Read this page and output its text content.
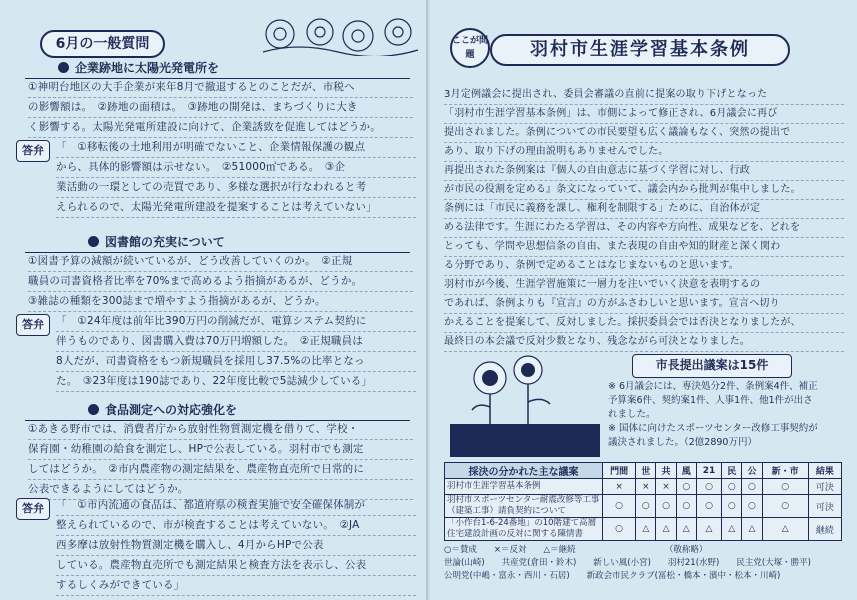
6月の一般質問
企業跡地に太陽光発電所を
①神明台地区の大手企業が来年8月で撤退するとのことだが、市税へ
の影響額は。　②跡地の面積は。　③跡地の開発は、まちづくりに大き
く影響する。太陽光発電所建設に向けて、企業誘致を促進してはどうか。
答弁	「　①移転後の土地利用が明確でないこと、企業情報保護の観点
から、具体的影響額は示せない。　②51000㎡である。　③企
業活動の一環としての売買であり、多様な選択が行なわれると考
えられるので、太陽光発電所建設を提案することは考えていない」
図書館の充実について
①図書予算の減額が続いているが、どう改善していくのか。　②正規
職員の司書資格者比率を70%まで高めるよう指摘があるが、どうか。
③雑誌の種類を300誌まで増やすよう指摘があるが、どうか。
答弁	「　①24年度は前年比390万円の削減だが、電算システム契約に
伴うものであり、図書購入費は70万円増額した。　②正規職員は
8人だが、司書資格をもつ新規職員を採用し37.5%の比率となっ
た。　③23年度は190誌であり、22年度比較で5誌減少している」
食品測定への対応強化を
①あきる野市では、消費者庁から放射性物質測定機を借りて、学校・
保育園・幼稚園の給食を測定し、HPで公表している。羽村市でも測定
してはどうか。　②市内農産物の測定結果を、農産物直売所で日常的に
公表できるようにしてはどうか。
答弁	「　①市内流通の食品は、都道府県の検査実施で安全確保体制が
整えられているので、市が検査することは考えていない。　②JA
西多摩は放射性物質測定機を購入し、4月からHPで公表
している。農産物直売所でも測定結果と検査方法を表示し、公表
するしくみができている」
ここが問題	羽村市生涯学習基本条例
3月定例議会に提出され、委員会審議の直前に提案の取り下げとなった
「羽村市生涯学習基本条例」は、市側によって修正され、6月議会に再び
提出されました。条例についての市民要望も広く議論もなく、突然の提出で
あり、取り下げの理由説明もありませんでした。
再提出された条例案は『個人の自由意志に基づく学習に対し、行政
が市民の役割を定める』条文になっていて、議会内から批判が集中しました。
条例には「市民に義務を課し、権利を制限する」ために、自治体が定
める法律です。生涯にわたる学習は、その内容や方向性、成果などを、どれを
とっても、学問や思想信条の自由、また表現の自由や知的財産と深く関わ
る分野であり、条例で定めることはなじまないものと思います。
羽村市が今後、生涯学習施策に一層力を注いでいく決意を表明するの
であれば、条例よりも『宣言』の方がふさわしいと思います。宣言へ切り
かえることを提案して、反対しました。採択委員会では否決となりましたが、
最終日の本会議で反対少数となり、残念ながら可決となりました。
市長提出議案は15件
※ 6月議会には、専決処分2件、条例案4件、補正
予算案6件、契約案1件、人事1件、他1件が出さ
れました。
※ 国体に向けたスポーツセンター改修工事契約が
議決されました。（2億2890万円）
採決の分かれた主な議案	門間	世	共	風	21	民	公	新・市	結果
羽村市生涯学習基本条例	×	×	×	○	○	○	○	○	可決
羽村市スポーツセンター耐震改修等工事（建築工事）請負契約について	○	○	○	○	○	○	○	○	可決
「小作台1-6-24番地」の10階建て高層住宅建設計画の反対に関する陳情書	○	△	△	△	△	△	△	△	継続
○＝賛成　　×＝反対　　△＝継続　　　　　　　　　　　（敬称略）
世論(山崎)　　共産党(倉田・鈴木)　　新しい風(小宮)　　羽村21(水野)　　民主党(大塚・勝平)
公明党(中嶋・富永・西川・石居)　　新政会市民クラブ(冨松・橋本・濱中・松本・川崎)
